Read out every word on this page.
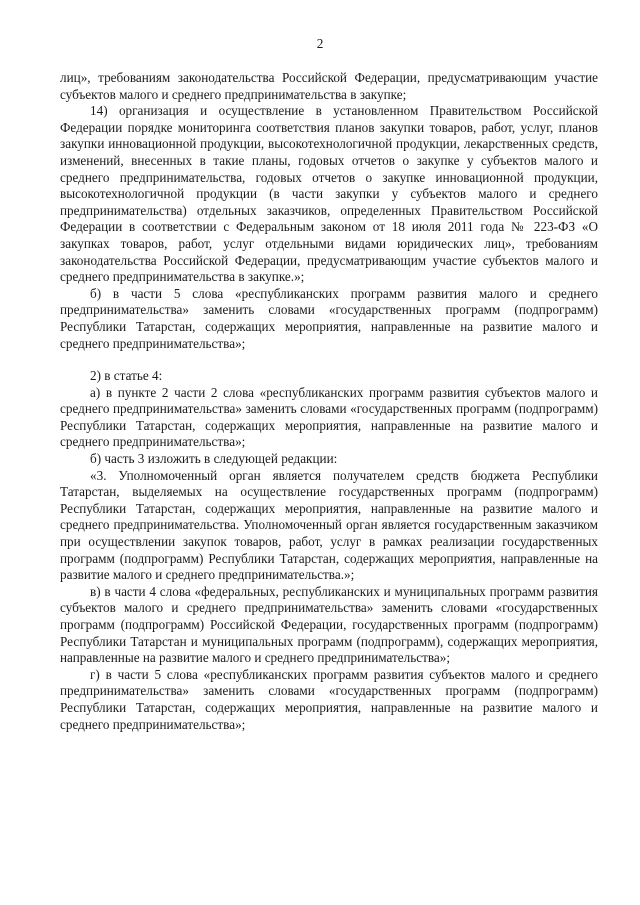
2

лиц», требованиям законодательства Российской Федерации, предусматривающим участие субъектов малого и среднего предпринимательства в закупке;

14) организация и осуществление в установленном Правительством Российской Федерации порядке мониторинга соответствия планов закупки товаров, работ, услуг, планов закупки инновационной продукции, высокотехнологичной продукции, лекарственных средств, изменений, внесенных в такие планы, годовых отчетов о закупке у субъектов малого и среднего предпринимательства, годовых отчетов о закупке инновационной продукции, высокотехнологичной продукции (в части закупки у субъектов малого и среднего предпринимательства) отдельных заказчиков, определенных Правительством Российской Федерации в соответствии с Федеральным законом от 18 июля 2011 года № 223-ФЗ «О закупках товаров, работ, услуг отдельными видами юридических лиц», требованиям законодательства Российской Федерации, предусматривающим участие субъектов малого и среднего предпринимательства в закупке.»;

б) в части 5 слова «республиканских программ развития малого и среднего предпринимательства» заменить словами «государственных программ (подпрограмм) Республики Татарстан, содержащих мероприятия, направленные на развитие малого и среднего предпринимательства»;

2) в статье 4:

а) в пункте 2 части 2 слова «республиканских программ развития субъектов малого и среднего предпринимательства» заменить словами «государственных программ (подпрограмм) Республики Татарстан, содержащих мероприятия, направленные на развитие малого и среднего предпринимательства»;

б) часть 3 изложить в следующей редакции:

«3. Уполномоченный орган является получателем средств бюджета Республики Татарстан, выделяемых на осуществление государственных программ (подпрограмм) Республики Татарстан, содержащих мероприятия, направленные на развитие малого и среднего предпринимательства. Уполномоченный орган является государственным заказчиком при осуществлении закупок товаров, работ, услуг в рамках реализации государственных программ (подпрограмм) Республики Татарстан, содержащих мероприятия, направленные на развитие малого и среднего предпринимательства.»;

в) в части 4 слова «федеральных, республиканских и муниципальных программ развития субъектов малого и среднего предпринимательства» заменить словами «государственных программ (подпрограмм) Российской Федерации, государственных программ (подпрограмм) Республики Татарстан и муниципальных программ (подпрограмм), содержащих мероприятия, направленные на развитие малого и среднего предпринимательства»;

г) в части 5 слова «республиканских программ развития субъектов малого и среднего предпринимательства» заменить словами «государственных программ (подпрограмм) Республики Татарстан, содержащих мероприятия, направленные на развитие малого и среднего предпринимательства»;
